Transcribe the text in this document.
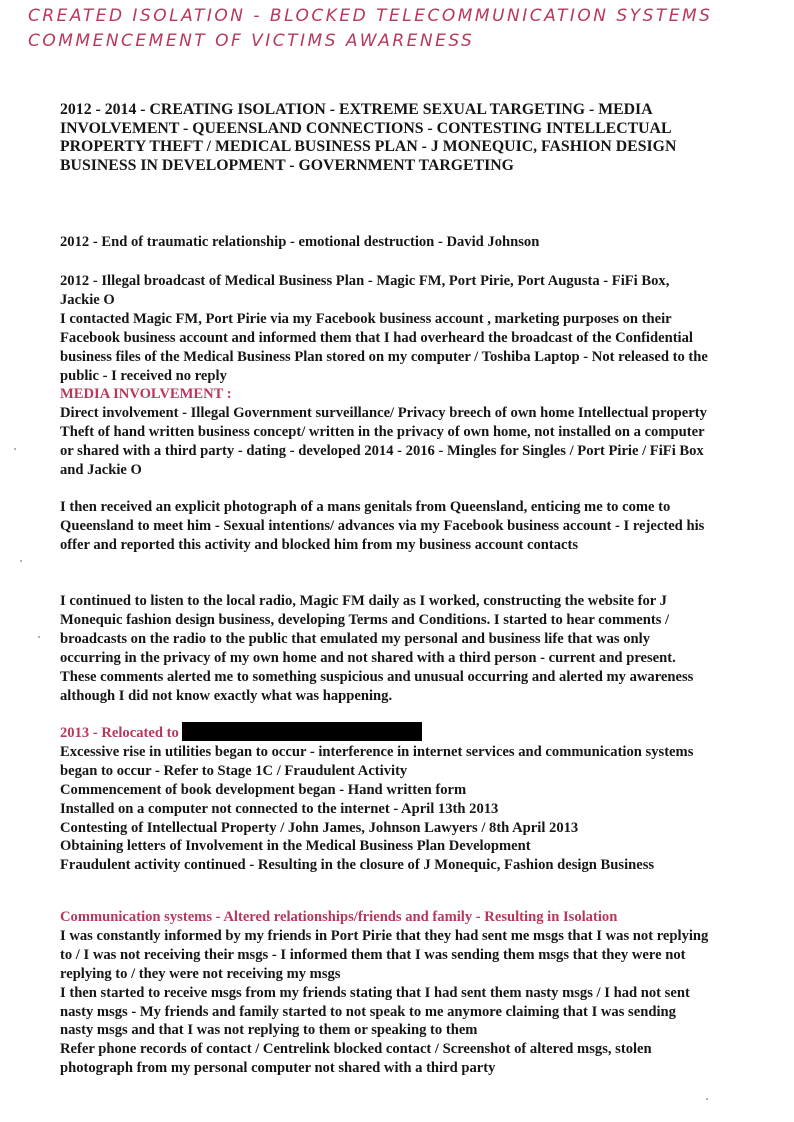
CREATED ISOLATION - BLOCKED TELECOMMUNICATION SYSTEMS
COMMENCEMENT OF VICTIMS AWARENESS
2012 - 2014 - CREATING ISOLATION - EXTREME SEXUAL TARGETING - MEDIA INVOLVEMENT - QUEENSLAND CONNECTIONS - CONTESTING INTELLECTUAL PROPERTY THEFT / MEDICAL BUSINESS PLAN - J MONEQUIC, FASHION DESIGN BUSINESS IN DEVELOPMENT - GOVERNMENT TARGETING
2012 - End of traumatic relationship - emotional destruction - David Johnson

2012 - Illegal broadcast of Medical Business Plan - Magic FM, Port Pirie, Port Augusta - FiFi Box, Jackie O

I contacted Magic FM, Port Pirie via my Facebook business account , marketing purposes on their Facebook business account and informed them that I had overheard the broadcast of the Confidential business files of the Medical Business Plan stored on my computer / Toshiba Laptop - Not released to the public - I received no reply

MEDIA INVOLVEMENT :

Direct involvement - Illegal Government surveillance/ Privacy breech of own home Intellectual property Theft of hand written business concept/ written in the privacy of own home, not installed on a computer or shared with a third party - dating - developed 2014 - 2016 - Mingles for Singles / Port Pirie / FiFi Box and Jackie O

I then received an explicit photograph of a mans genitals from Queensland, enticing me to come to Queensland to meet him - Sexual intentions/ advances via my Facebook business account - I rejected his offer and reported this activity and blocked him from my business account contacts
I continued to listen to the local radio, Magic FM daily as I worked, constructing the website for J Monequic fashion design business, developing Terms and Conditions. I started to hear comments / broadcasts on the radio to the public that emulated my personal and business life that was only occurring in the privacy of my own home and not shared with a third person - current and present. These comments alerted me to something suspicious and unusual occurring and alerted my awareness although I did not know exactly what was happening.

2013 - Relocated to

Excessive rise in utilities began to occur - interference in internet services and communication systems began to occur - Refer to Stage 1C / Fraudulent Activity

Commencement of book development began - Hand written form

Installed on a computer not connected to the internet - April 13th 2013

Contesting of Intellectual Property / John James, Johnson Lawyers / 8th April 2013

Obtaining letters of Involvement in the Medical Business Plan Development

Fraudulent activity continued - Resulting in the closure of J Monequic, Fashion design Business

Communication systems - Altered relationships/friends and family - Resulting in Isolation

I was constantly informed by my friends in Port Pirie that they had sent me msgs that I was not replying to / I was not receiving their msgs - I informed them that I was sending them msgs that they were not replying to / they were not receiving my msgs

I then started to receive msgs from my friends stating that I had sent them nasty msgs / I had not sent nasty msgs - My friends and family started to not speak to me anymore claiming that I was sending nasty msgs and that I was not replying to them or speaking to them

Refer phone records of contact / Centrelink blocked contact / Screenshot of altered msgs, stolen photograph from my personal computer not shared with a third party
